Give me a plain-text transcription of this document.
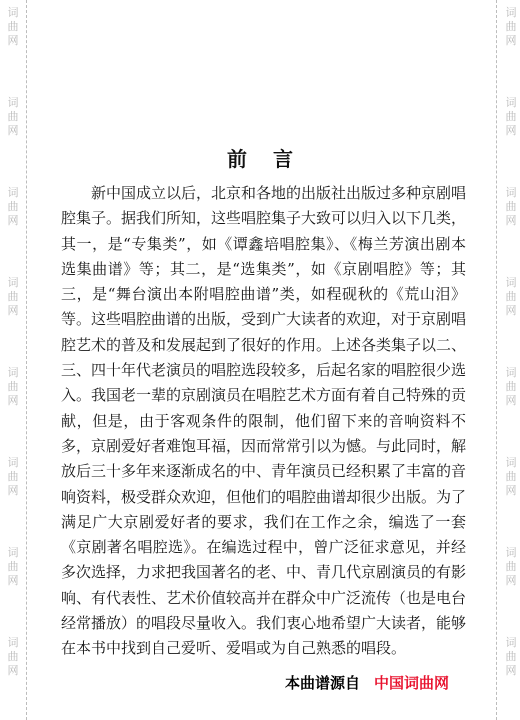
词
曲
网
词
曲
网
词
曲
网
词
曲
网
词
曲
网
词
曲
网
词
曲
网
词
曲
网
词
曲
网
词
曲
网
词
曲
网
词
曲
网
词
曲
网
词
曲
网
词
曲
网
词
曲
网
前言

新中国成立以后，北京和各地的出版社出版过多种京剧唱腔集子。据我们所知，这些唱腔集子大致可以归入以下几类，其一，是“专集类”，如《谭鑫培唱腔集》、《梅兰芳演出剧本选集曲谱》等；其二，是“选集类”，如《京剧唱腔》等；其三，是“舞台演出本附唱腔曲谱”类，如程砚秋的《荒山泪》等。这些唱腔曲谱的出版，受到广大读者的欢迎，对于京剧唱腔艺术的普及和发展起到了很好的作用。上述各类集子以二、三、四十年代老演员的唱腔选段较多，后起名家的唱腔很少选入。我国老一辈的京剧演员在唱腔艺术方面有着自己特殊的贡献，但是，由于客观条件的限制，他们留下来的音响资料不多，京剧爱好者难饱耳福，因而常常引以为憾。与此同时，解放后三十多年来逐渐成名的中、青年演员已经积累了丰富的音响资料，极受群众欢迎，但他们的唱腔曲谱却很少出版。为了满足广大京剧爱好者的要求，我们在工作之余，编选了一套《京剧著名唱腔选》。在编选过程中，曾广泛征求意见，并经多次选择，力求把我国著名的老、中、青几代京剧演员的有影响、有代表性、艺术价值较高并在群众中广泛流传（也是电台经常播放）的唱段尽量收入。我们衷心地希望广大读者，能够在本书中找到自己爱听、爱唱或为自己熟悉的唱段。

本曲谱源自 中国词曲网
